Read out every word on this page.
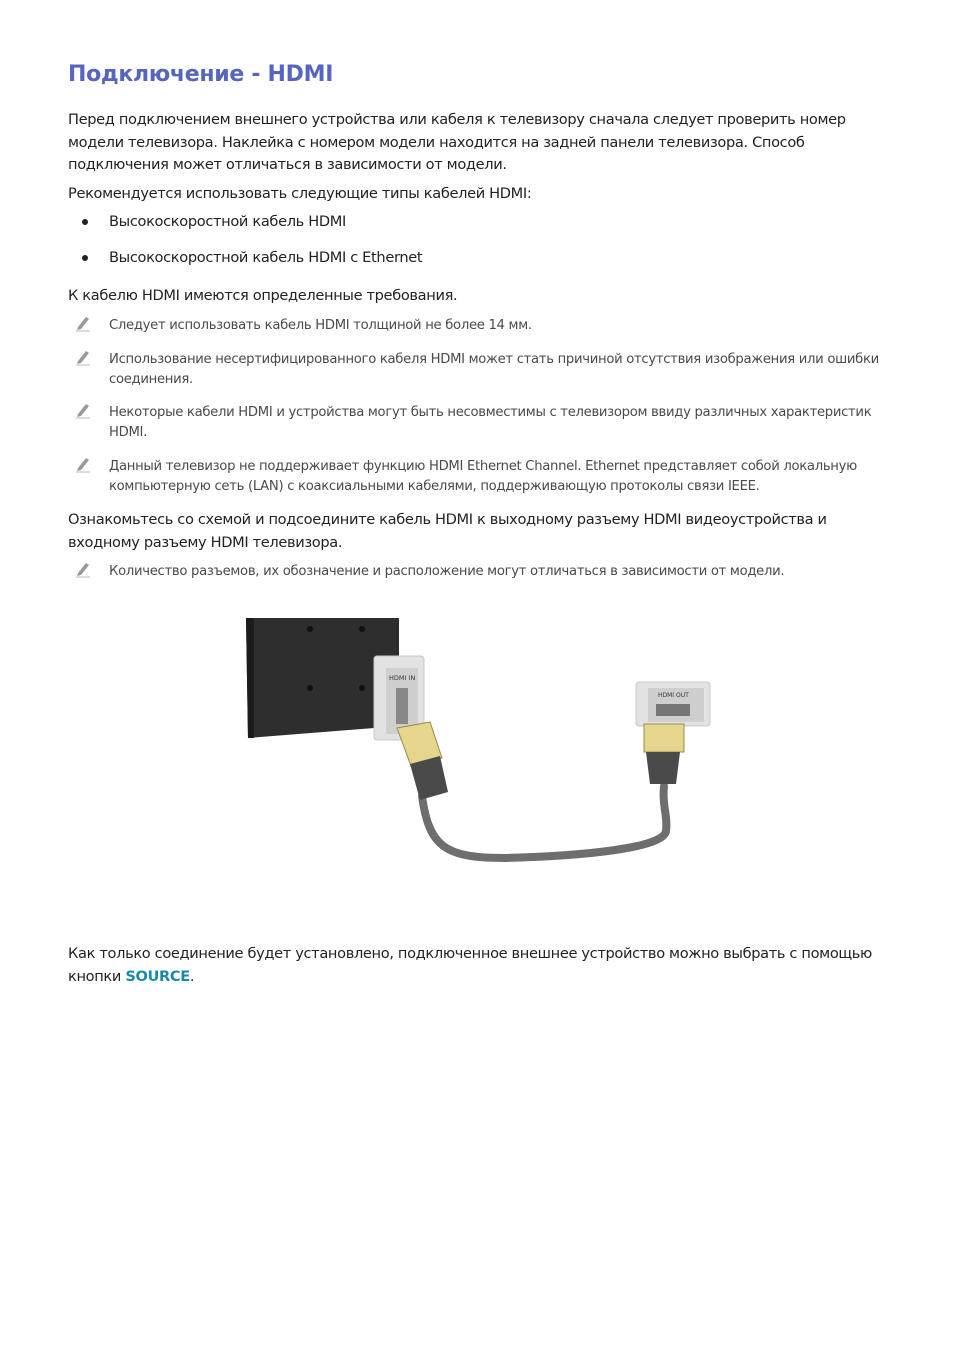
Подключение - HDMI
Перед подключением внешнего устройства или кабеля к телевизору сначала следует проверить номер модели телевизора. Наклейка с номером модели находится на задней панели телевизора. Способ подключения может отличаться в зависимости от модели.
Рекомендуется использовать следующие типы кабелей HDMI:
Высокоскоростной кабель HDMI
Высокоскоростной кабель HDMI с Ethernet
К кабелю HDMI имеются определенные требования.
Следует использовать кабель HDMI толщиной не более 14 мм.
Использование несертифицированного кабеля HDMI может стать причиной отсутствия изображения или ошибки соединения.
Некоторые кабели HDMI и устройства могут быть несовместимы с телевизором ввиду различных характеристик HDMI.
Данный телевизор не поддерживает функцию HDMI Ethernet Channel. Ethernet представляет собой локальную компьютерную сеть (LAN) с коаксиальными кабелями, поддерживающую протоколы связи IEEE.
Ознакомьтесь со схемой и подсоедините кабель HDMI к выходному разъему HDMI видеоустройства и входному разъему HDMI телевизора.
Количество разъемов, их обозначение и расположение могут отличаться в зависимости от модели.
HDMI IN
HDMI OUT
Как только соединение будет установлено, подключенное внешнее устройство можно выбрать с помощью кнопки SOURCE.
